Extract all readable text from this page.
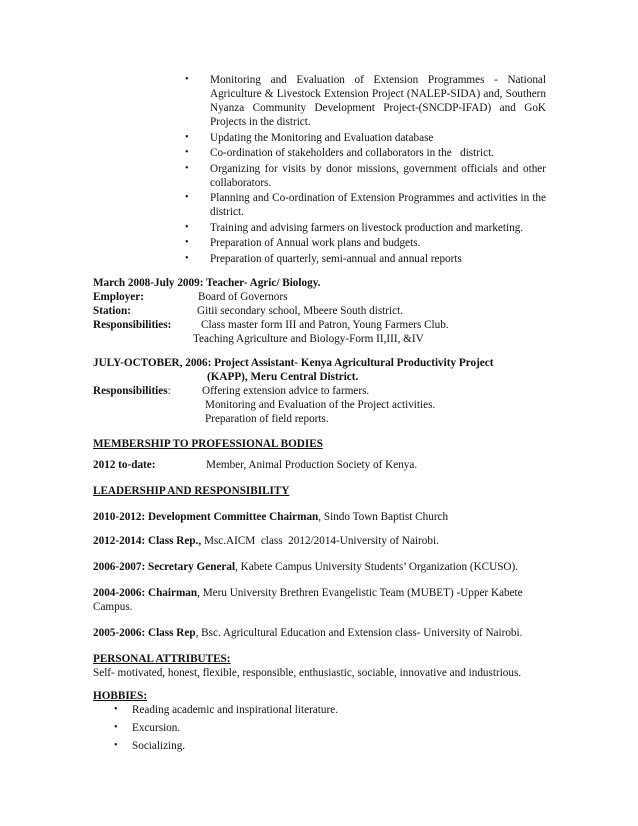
• Monitoring and Evaluation of Extension Programmes - National Agriculture & Livestock Extension Project (NALEP-SIDA) and, Southern Nyanza Community Development Project-(SNCDP-IFAD) and GoK Projects in the district.
• Updating the Monitoring and Evaluation database
• Co-ordination of stakeholders and collaborators in the   district.
• Organizing for visits by donor missions, government officials and other collaborators.
• Planning and Co-ordination of Extension Programmes and activities in the district.
• Training and advising farmers on livestock production and marketing.
• Preparation of Annual work plans and budgets.
• Preparation of quarterly, semi-annual and annual reports
March 2008-July 2009: Teacher- Agric/ Biology.
Employer:	Board of Governors
Station:	Gitii secondary school, Mbeere South district.
Responsibilities:	Class master form III and Patron, Young Farmers Club.
Teaching Agriculture and Biology-Form II,III, &IV
JULY-OCTOBER, 2006: Project Assistant- Kenya Agricultural Productivity Project
(KAPP), Meru Central District.
Responsibilities:	Offering extension advice to farmers.
Monitoring and Evaluation of the Project activities.
Preparation of field reports.
MEMBERSHIP TO PROFESSIONAL BODIES
2012 to-date:	Member, Animal Production Society of Kenya.
LEADERSHIP AND RESPONSIBILITY
2010-2012: Development Committee Chairman, Sindo Town Baptist Church
2012-2014: Class Rep., Msc.AICM  class  2012/2014-University of Nairobi.
2006-2007: Secretary General, Kabete Campus University Students’ Organization (KCUSO).
2004-2006: Chairman, Meru University Brethren Evangelistic Team (MUBET) -Upper Kabete Campus.
2005-2006: Class Rep, Bsc. Agricultural Education and Extension class- University of Nairobi.
PERSONAL ATTRIBUTES:
Self- motivated, honest, flexible, responsible, enthusiastic, sociable, innovative and industrious.
HOBBIES:
• Reading academic and inspirational literature.
• Excursion.
• Socializing.
